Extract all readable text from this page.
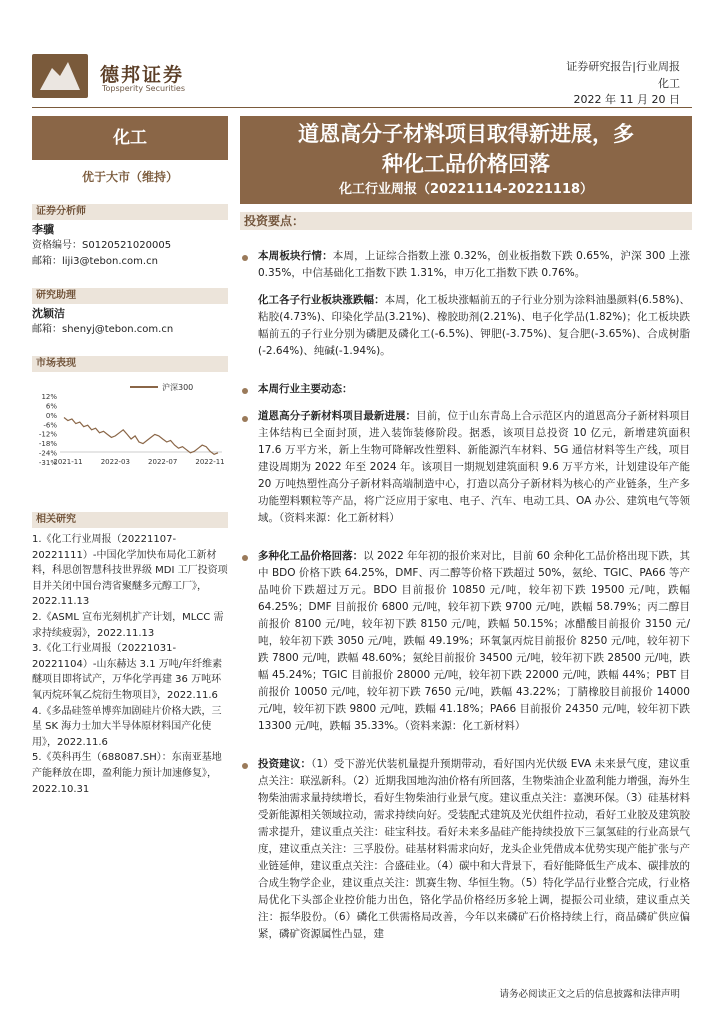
德邦证券
Topsperity Securities
证券研究报告|行业周报
化工
2022 年 11 月 20 日
化工
优于大市（维持）
证券分析师
李骥
资格编号：S0120521020005
邮箱：liji3@tebon.com.cn
研究助理
沈颖洁
邮箱：shenyj@tebon.com.cn
市场表现
沪深300
12%
6%
0%
-6%
-12%
-18%
-24%
-31%
2021-11	2022-03	2022-07	2022-11
相关研究

1.《化工行业周报（20221107-20221111）-中国化学加快布局化工新材料，科思创智慧科技世界级 MDI 工厂投资项目并关闭中国台湾省聚醚多元醇工厂》，2022.11.13

2.《ASML 宣布光刻机扩产计划，MLCC 需求持续疲弱》，2022.11.13

3.《化工行业周报（20221031-20221104）-山东赫达 3.1 万吨/年纤维素醚项目即将试产，万华化学再建 36 万吨环氧丙烷环氧乙烷衍生物项目》，2022.11.6

4.《多晶硅签单博弈加剧硅片价格大跌，三星 SK 海力士加大半导体原材料国产化使用》，2022.11.6

5.《英科再生（688087.SH）：东南亚基地产能释放在即，盈利能力预计加速修复》，2022.10.31

道恩高分子材料项目取得新进展，多
种化工品价格回落
化工行业周报（20221114-20221118）
投资要点：
本周板块行情：本周，上证综合指数上涨 0.32%，创业板指数下跌 0.65%，沪深 300 上涨 0.35%，中信基础化工指数下跌 1.31%，申万化工指数下跌 0.76%。
化工各子行业板块涨跌幅：本周，化工板块涨幅前五的子行业分别为涂料油墨颜料(6.58%)、粘胶(4.73%)、印染化学品(3.21%)、橡胶助剂(2.21%)、电子化学品(1.82%)；化工板块跌幅前五的子行业分别为磷肥及磷化工(-6.5%)、钾肥(-3.75%)、复合肥(-3.65%)、合成树脂(-2.64%)、纯碱(-1.94%)。
本周行业主要动态：
道恩高分子新材料项目最新进展：目前，位于山东青岛上合示范区内的道恩高分子新材料项目主体结构已全面封顶，进入装饰装修阶段。据悉，该项目总投资 10 亿元，新增建筑面积 17.6 万平方米，新上生物可降解改性塑料、新能源汽车材料、5G 通信材料等生产线，项目建设周期为 2022 年至 2024 年。该项目一期规划建筑面积 9.6 万平方米，计划建设年产能 20 万吨热塑性高分子新材料高端制造中心，打造以高分子新材料为核心的产业链条，生产多功能塑料颗粒等产品，将广泛应用于家电、电子、汽车、电动工具、OA 办公、建筑电气等领域。（资料来源：化工新材料）
多种化工品价格回落：以 2022 年年初的报价来对比，目前 60 余种化工品价格出现下跌，其中 BDO 价格下跌 64.25%，DMF、丙二醇等价格下跌超过 50%，氨纶、TGIC、PA66 等产品吨价下跌超过万元。BDO 目前报价 10850 元/吨，较年初下跌 19500 元/吨，跌幅 64.25%；DMF 目前报价 6800 元/吨，较年初下跌 9700 元/吨，跌幅 58.79%；丙二醇目前报价 8100 元/吨，较年初下跌 8150 元/吨，跌幅 50.15%；冰醋酸目前报价 3150 元/吨，较年初下跌 3050 元/吨，跌幅 49.19%；环氧氯丙烷目前报价 8250 元/吨，较年初下跌 7800 元/吨，跌幅 48.60%；氨纶目前报价 34500 元/吨，较年初下跌 28500 元/吨，跌幅 45.24%；TGIC 目前报价 28000 元/吨，较年初下跌 22000 元/吨，跌幅 44%；PBT 目前报价 10050 元/吨，较年初下跌 7650 元/吨，跌幅 43.22%；丁腈橡胶目前报价 14000 元/吨，较年初下跌 9800 元/吨，跌幅 41.18%；PA66 目前报价 24350 元/吨，较年初下跌 13300 元/吨，跌幅 35.33%。（资料来源：化工新材料）
投资建议：（1）受下游光伏装机量提升预期带动，看好国内光伏级 EVA 未来景气度，建议重点关注：联泓新科。（2）近期我国地沟油价格有所回落，生物柴油企业盈利能力增强，海外生物柴油需求量持续增长，看好生物柴油行业景气度。建议重点关注：嘉澳环保。（3）硅基材料受新能源相关领域拉动，需求持续向好。受装配式建筑及光伏组件拉动，看好工业胶及建筑胶需求提升，建议重点关注：硅宝科技。看好未来多晶硅产能持续投放下三氯氢硅的行业高景气度，建议重点关注：三孚股份。硅基材料需求向好，龙头企业凭借成本优势实现产能扩张与产业链延伸，建议重点关注：合盛硅业。（4）碳中和大背景下，看好能降低生产成本、碳排放的合成生物学企业，建议重点关注：凯赛生物、华恒生物。（5）特化学品行业整合完成，行业格局优化下头部企业控价能力出色，铬化学品价格经历多轮上调，提振公司业绩，建议重点关注：振华股份。（6）磷化工供需格局改善，今年以来磷矿石价格持续上行，商品磷矿供应偏紧，磷矿资源属性凸显，建
请务必阅读正文之后的信息披露和法律声明
